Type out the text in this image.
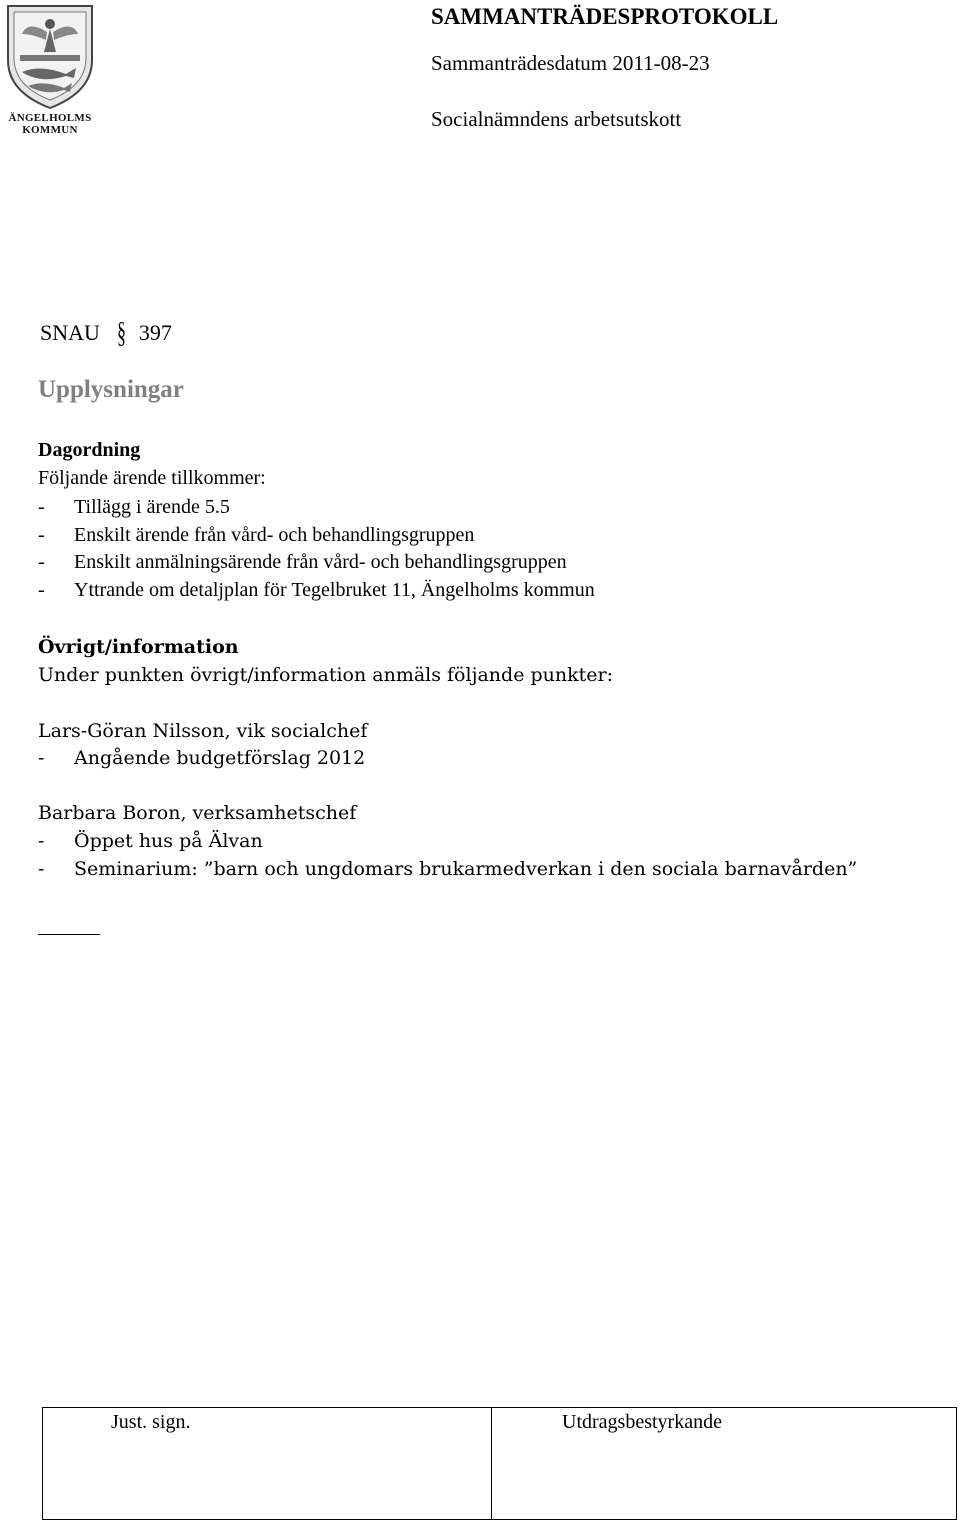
ÄNGELHOLMS
KOMMUN
SAMMANTRÄDESPROTOKOLL
Sammanträdesdatum 2011-08-23
Socialnämndens arbetsutskott
SNAU § 397
Upplysningar
Dagordning
Följande ärende tillkommer:
- Tillägg i ärende 5.5
- Enskilt ärende från vård- och behandlingsgruppen
- Enskilt anmälningsärende från vård- och behandlingsgruppen
- Yttrande om detaljplan för Tegelbruket 11, Ängelholms kommun
Övrigt/information
Under punkten övrigt/information anmäls följande punkter:
Lars-Göran Nilsson, vik socialchef
- Angående budgetförslag 2012
Barbara Boron, verksamhetschef
- Öppet hus på Älvan
- Seminarium: ”barn och ungdomars brukarmedverkan i den sociala barnavården”
Just. sign.	Utdragsbestyrkande
